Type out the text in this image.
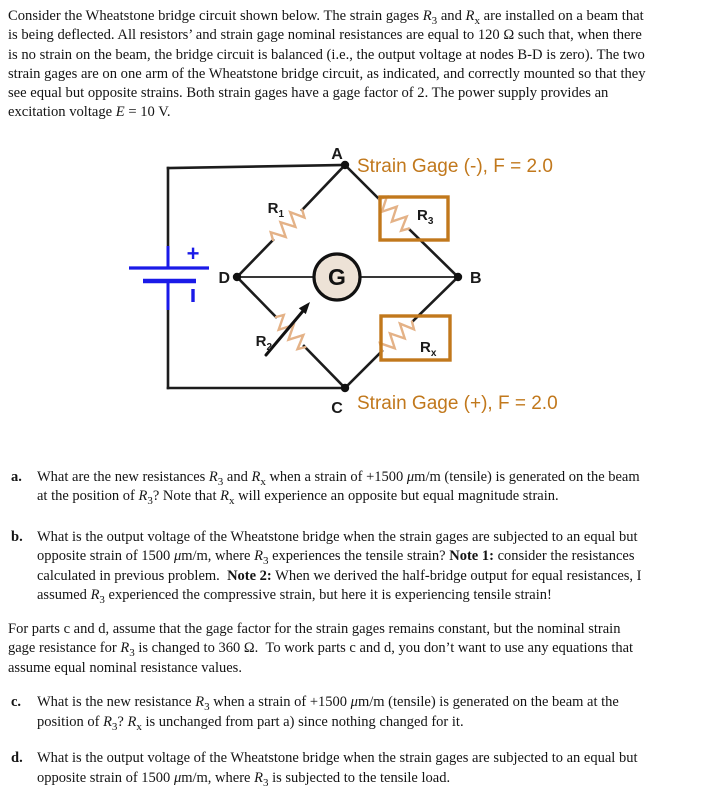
Consider the Wheatstone bridge circuit shown below. The strain gages $R_3$ and $R_x$ are installed on a beam that
is being deflected. All resistors’ and strain gage nominal resistances are equal to 120 Ω such that, when there
is no strain on the beam, the bridge circuit is balanced (i.e., the output voltage at nodes B-D is zero). The two
strain gages are on one arm of the Wheatstone bridge circuit, as indicated, and correctly mounted so that they
see equal but opposite strains. Both strain gages have a gage factor of 2. The power supply provides an
excitation voltage E = 10 V.
+
G
A
B
C
D
$R_1$
$R_2$
$R_3$
$R_x$
Strain Gage (-), F = 2.0
Strain Gage (+), F = 2.0
a.	What are the new resistances $R_3$ and $R_x$ when a strain of +1500 μm/m (tensile) is generated on the beam
at the position of $R_3$? Note that $R_x$ will experience an opposite but equal magnitude strain.
b. What is the output voltage of the Wheatstone bridge when the strain gages are subjected to an equal but
opposite strain of 1500 μm/m, where $R_3$ experiences the tensile strain? Note 1: consider the resistances
calculated in previous problem.  Note 2: When we derived the half-bridge output for equal resistances, I
assumed $R_3$ experienced the compressive strain, but here it is experiencing tensile strain!
For parts c and d, assume that the gage factor for the strain gages remains constant, but the nominal strain
gage resistance for $R_3$ is changed to 360 Ω.  To work parts c and d, you don’t want to use any equations that
assume equal nominal resistance values.
c.	What is the new resistance $R_3$ when a strain of +1500 μm/m (tensile) is generated on the beam at the
position of $R_3$? $R_x$ is unchanged from part a) since nothing changed for it.
d. What is the output voltage of the Wheatstone bridge when the strain gages are subjected to an equal but
opposite strain of 1500 μm/m, where $R_3$ is subjected to the tensile load.
